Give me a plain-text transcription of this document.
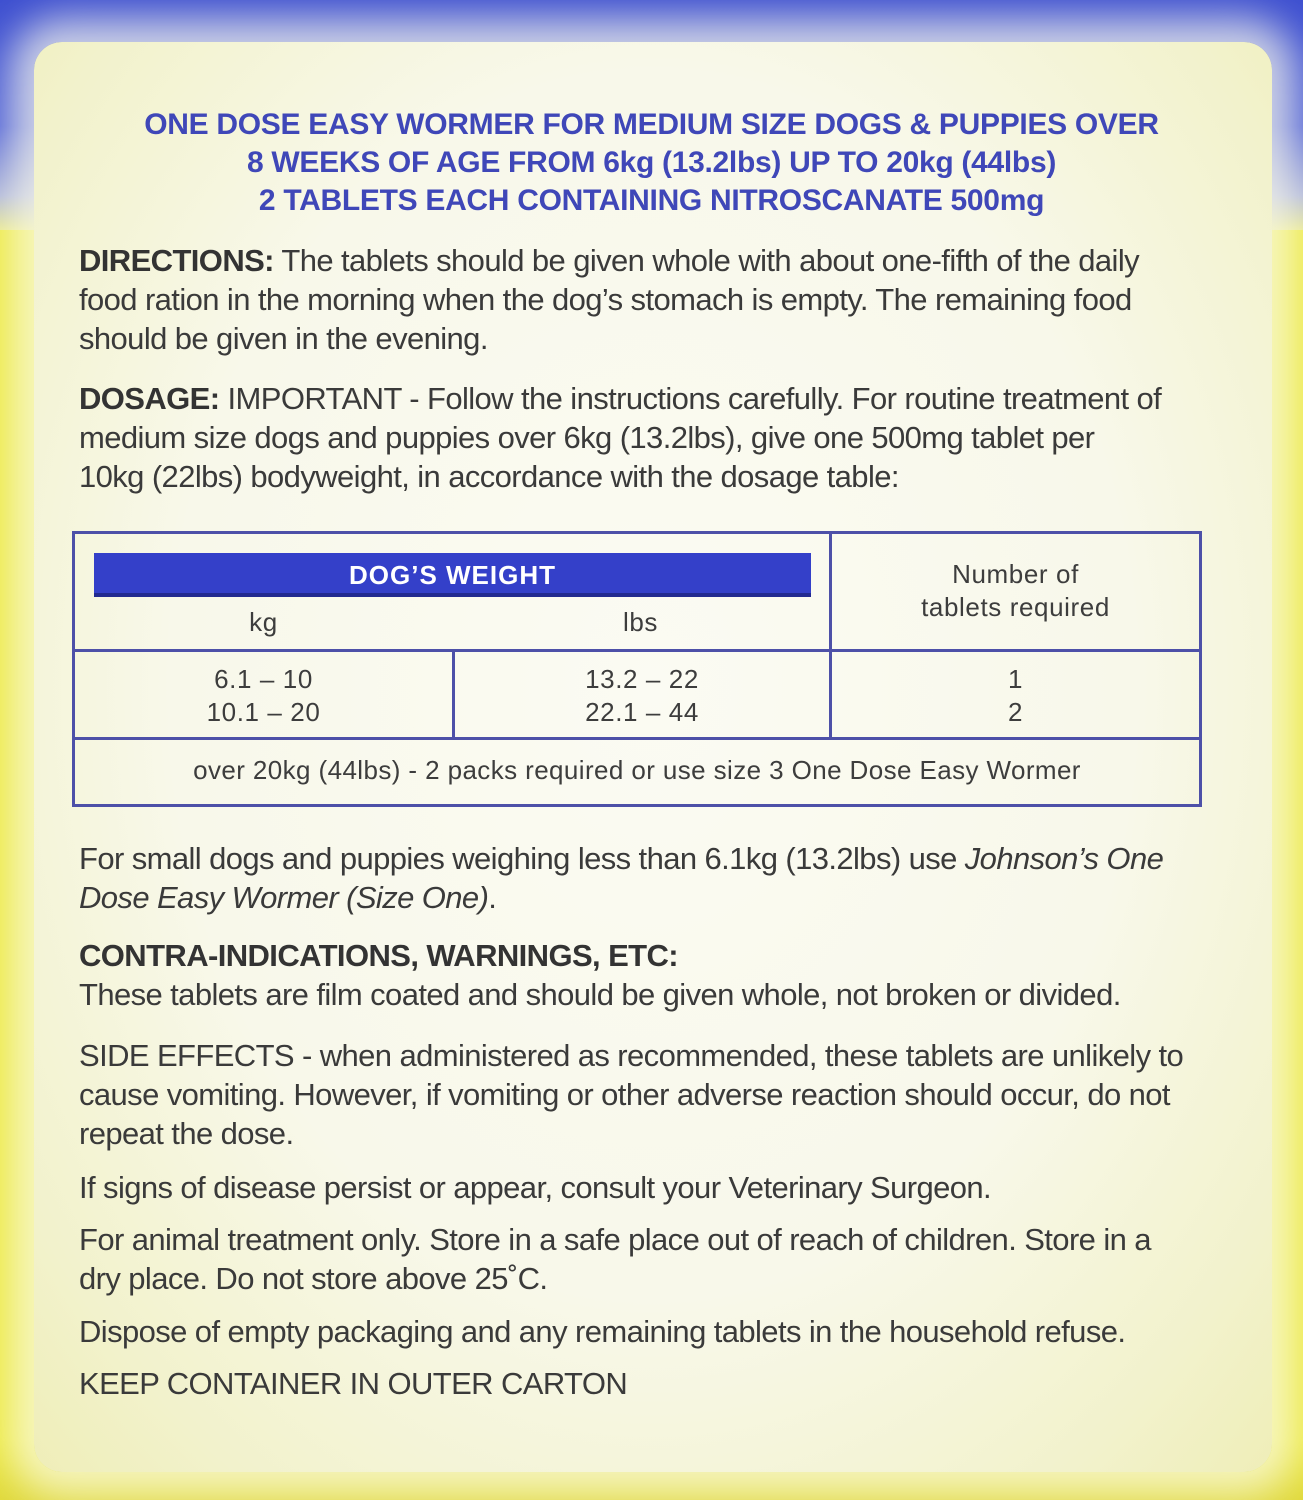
ONE DOSE EASY WORMER FOR MEDIUM SIZE DOGS & PUPPIES OVER
8 WEEKS OF AGE FROM 6kg (13.2lbs) UP TO 20kg (44lbs)
2 TABLETS EACH CONTAINING NITROSCANATE 500mg
DIRECTIONS: The tablets should be given whole with about one-fifth of the daily
food ration in the morning when the dog’s stomach is empty. The remaining food
should be given in the evening.
DOSAGE: IMPORTANT - Follow the instructions carefully. For routine treatment of
medium size dogs and puppies over 6kg (13.2lbs), give one 500mg tablet per
10kg (22lbs) bodyweight, in accordance with the dosage table:
DOG’S WEIGHT
kg	lbs
Number of
tablets required
6.1 – 10
10.1 – 20
13.2 – 22
22.1 – 44
1
2
over 20kg (44lbs) - 2 packs required or use size 3 One Dose Easy Wormer
For small dogs and puppies weighing less than 6.1kg (13.2lbs) use Johnson’s One
Dose Easy Wormer (Size One).
CONTRA-INDICATIONS, WARNINGS, ETC:
These tablets are film coated and should be given whole, not broken or divided.
SIDE EFFECTS - when administered as recommended, these tablets are unlikely to
cause vomiting. However, if vomiting or other adverse reaction should occur, do not
repeat the dose.
If signs of disease persist or appear, consult your Veterinary Surgeon.
For animal treatment only. Store in a safe place out of reach of children. Store in a
dry place. Do not store above 25˚C.
Dispose of empty packaging and any remaining tablets in the household refuse.
KEEP CONTAINER IN OUTER CARTON
